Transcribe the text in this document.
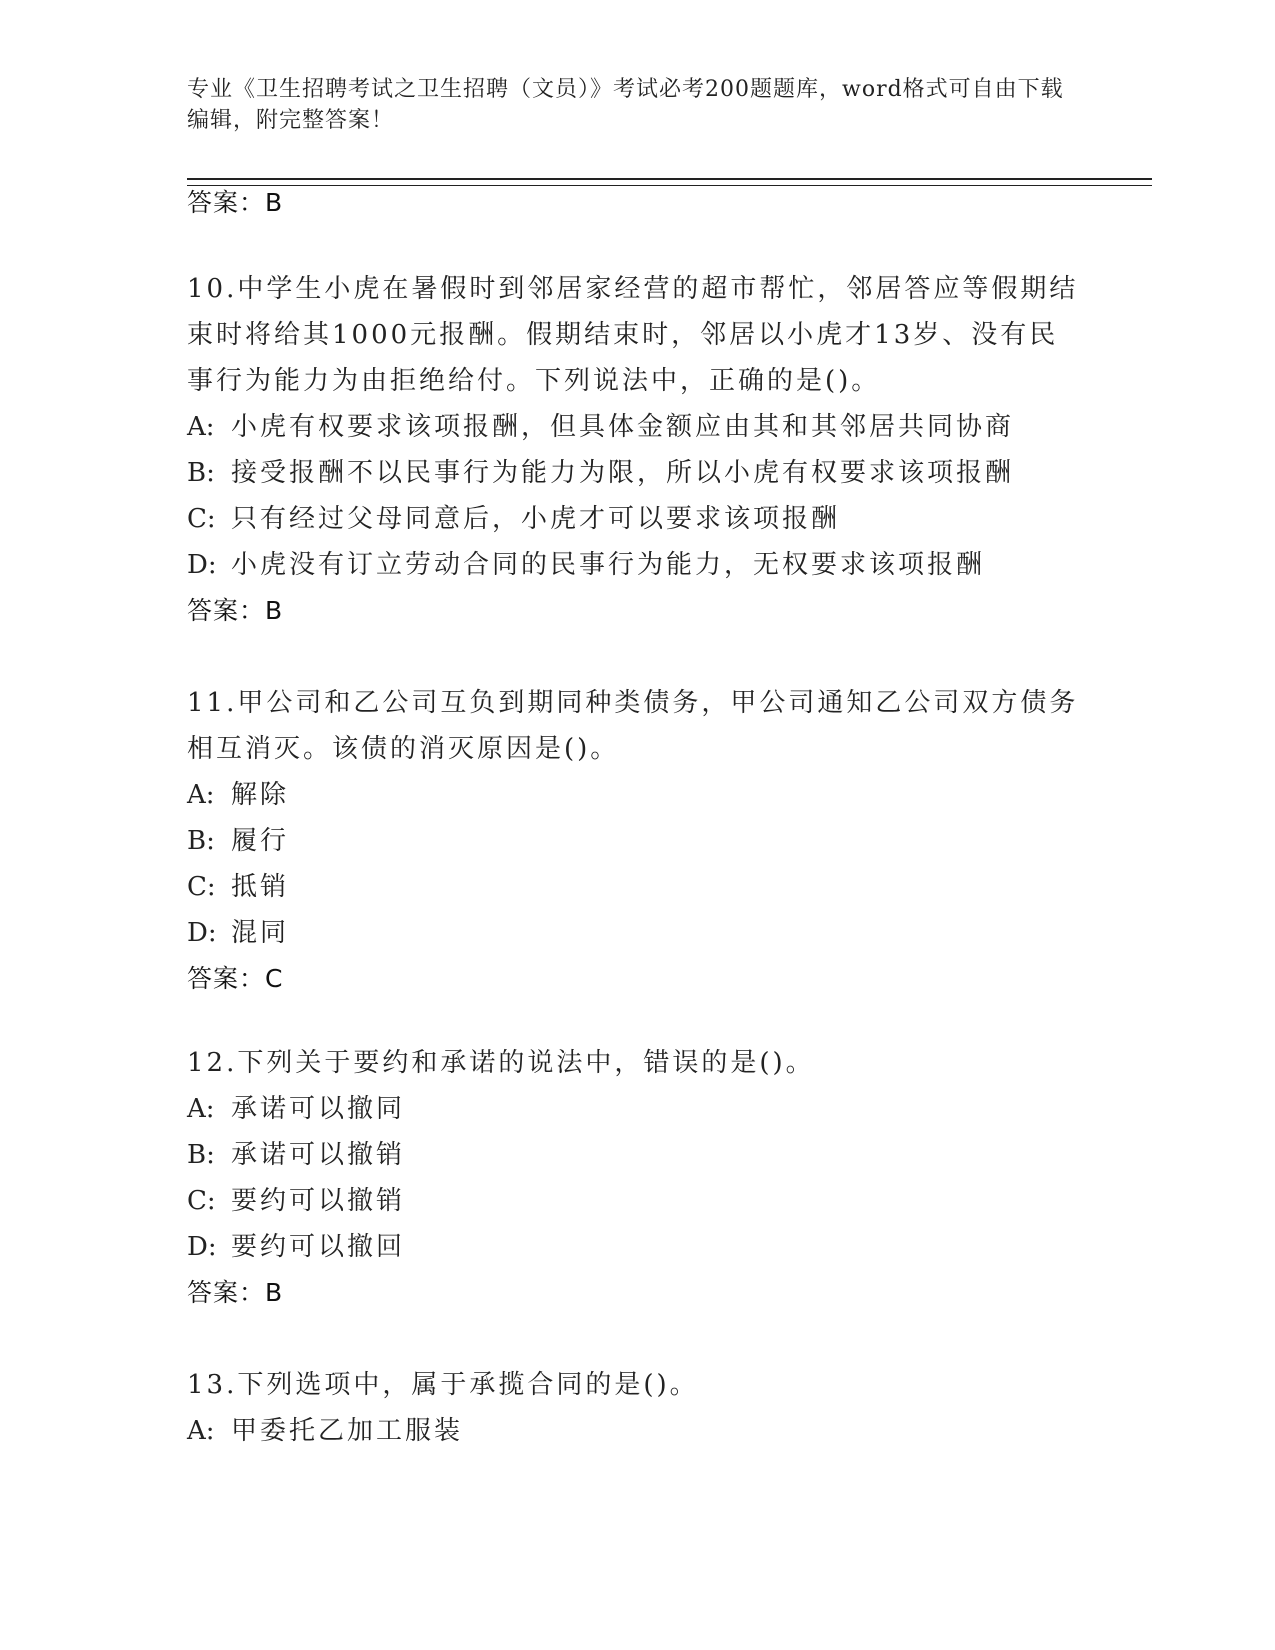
专业《卫生招聘考试之卫生招聘（文员）》考试必考200题题库，word格式可自由下载编辑，附完整答案！
答案：B
10.中学生小虎在暑假时到邻居家经营的超市帮忙，邻居答应等假期结束时将给其1000元报酬。假期结束时，邻居以小虎才13岁、没有民事行为能力为由拒绝给付。下列说法中，正确的是()。
A: 小虎有权要求该项报酬，但具体金额应由其和其邻居共同协商
B: 接受报酬不以民事行为能力为限，所以小虎有权要求该项报酬
C: 只有经过父母同意后，小虎才可以要求该项报酬
D: 小虎没有订立劳动合同的民事行为能力，无权要求该项报酬
答案：B
11.甲公司和乙公司互负到期同种类债务，甲公司通知乙公司双方债务相互消灭。该债的消灭原因是()。
A: 解除
B: 履行
C: 抵销
D: 混同
答案：C
12.下列关于要约和承诺的说法中，错误的是()。
A: 承诺可以撤同
B: 承诺可以撤销
C: 要约可以撤销
D: 要约可以撤回
答案：B
13.下列选项中，属于承揽合同的是()。
A: 甲委托乙加工服装
